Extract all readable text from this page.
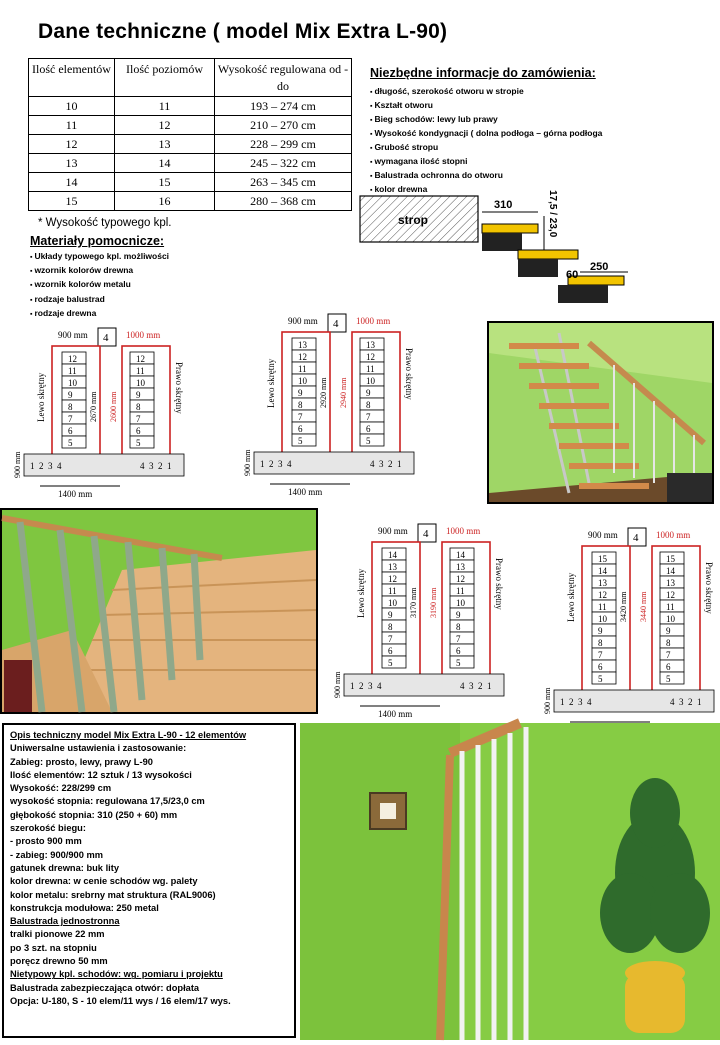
Dane techniczne ( model Mix Extra L-90)
Ilość elementów	Ilość poziomów	Wysokość regulowana od - do
10	11	193 – 274 cm
11	12	210 – 270 cm
12	13	228 – 299 cm
13	14	245 – 322 cm
14	15	263 – 345 cm
15	16	280 – 368 cm
* Wysokość typowego kpl.
Materiały pomocnicze:
▪ Układy typowego kpl. możliwości
▪ wzornik kolorów drewna
▪ wzornik kolorów metalu
▪ rodzaje balustrad
▪ rodzaje drewna
Niezbędne informacje do zamówienia:
▪ długość, szerokość otworu w stropie
▪ Kształt otworu
▪ Bieg schodów: lewy lub prawy
▪ Wysokość kondygnacji ( dolna podłoga – górna podłoga
▪ Grubość stropu
▪ wymagana ilość stopni
▪ Balustrada ochronna do otworu
▪ kolor drewna
strop
310	17,5 / 23,0
60
250
900 mm	1000 mm
4
12
11
10
9
8
7
6
5
12
11
10
9
8
7
6
5
Lewo skrętny	Prawo skrętny
2670 mm 2600 mm
1 2 3 4	4 3 2 1
900 mm
1400 mm
900 mm	1000 mm
4
13
12
11
10
9
8
7
6
5
13
12
11
10
9
8
7
6
5
Lewo skrętny	Prawo skrętny
2920 mm 2940 mm
1 2 3 4	4 3 2 1
900 mm
1400 mm
900 mm	1000 mm
4
14
13
12
11
10
9
8
7
6
5
14
13
12
11
10
9
8
7
6
5
Lewo skrętny	Prawo skrętny
3170 mm 3190 mm
1 2 3 4	4 3 2 1
900 mm
1400 mm
900 mm	1000 mm
4
15
14
13
12
11
10
9
8
7
6
5
15
14
13
12
11
10
9
8
7
6
5
Lewo skrętny	Prawo skrętny
3420 mm 3440 mm
1 2 3 4	4 3 2 1
900 mm
Opis techniczny model Mix Extra L-90 - 12 elementów
Uniwersalne ustawienia i zastosowanie:
Zabieg: prosto, lewy, prawy L-90
Ilość elementów: 12 sztuk / 13 wysokości
Wysokość: 228/299 cm
wysokość stopnia: regulowana 17,5/23,0 cm
głębokość stopnia: 310 (250 + 60) mm
szerokość biegu:
- prosto 900 mm
- zabieg: 900/900 mm
gatunek drewna: buk lity
kolor drewna: w cenie schodów wg. palety
kolor metalu: srebrny mat struktura (RAL9006)
konstrukcja modułowa: 250 metal
Balustrada jednostronna
tralki pionowe 22 mm
po 3 szt. na stopniu
poręcz drewno 50 mm
Nietypowy kpl. schodów: wg. pomiaru i projektu
Balustrada zabezpieczająca otwór: dopłata
Opcja: U-180, S - 10 elem/11 wys / 16 elem/17 wys.
